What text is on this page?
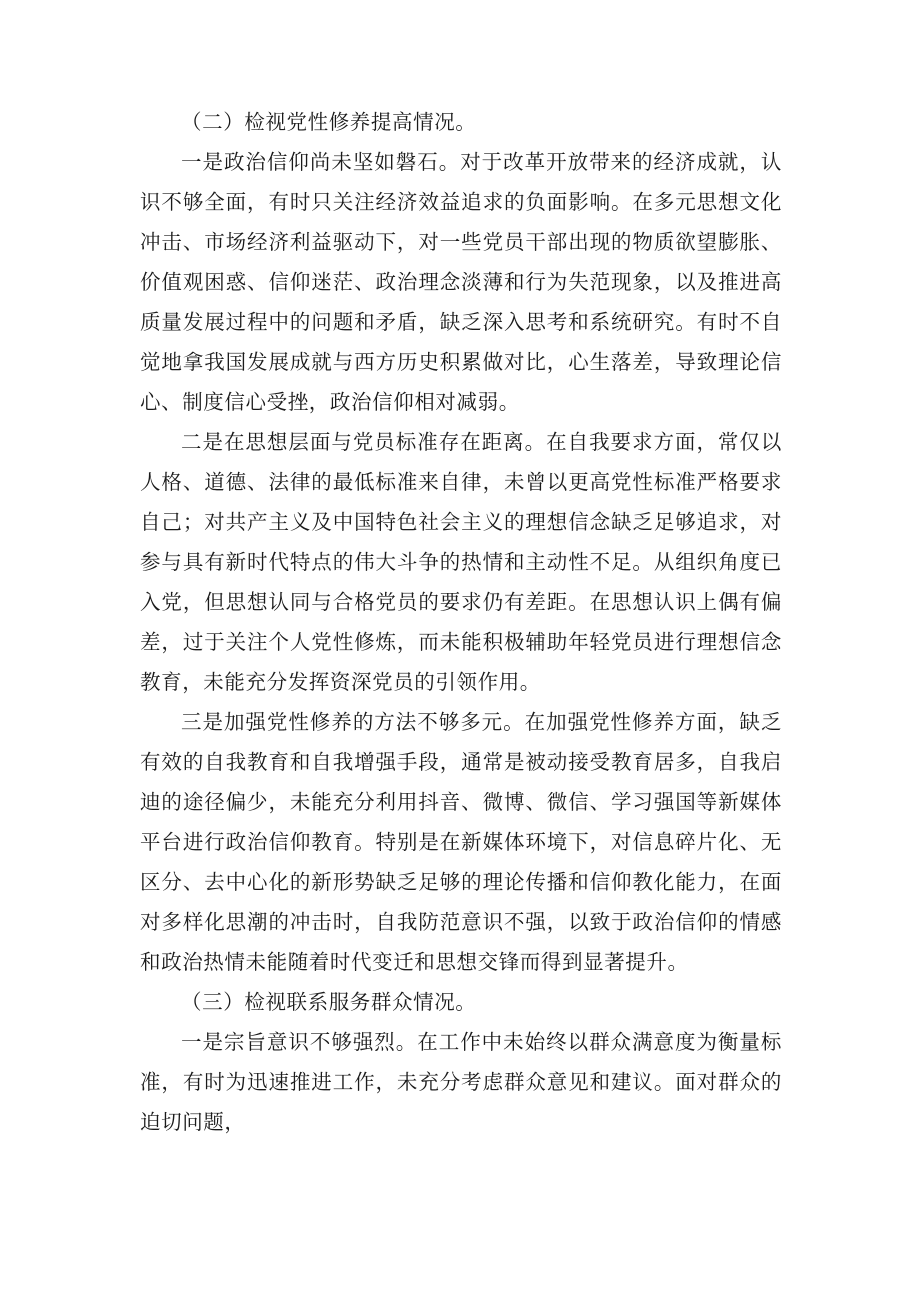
（二）检视党性修养提高情况。

一是政治信仰尚未坚如磐石。对于改革开放带来的经济成就，认识不够全面，有时只关注经济效益追求的负面影响。在多元思想文化冲击、市场经济利益驱动下，对一些党员干部出现的物质欲望膨胀、价值观困惑、信仰迷茫、政治理念淡薄和行为失范现象，以及推进高质量发展过程中的问题和矛盾，缺乏深入思考和系统研究。有时不自觉地拿我国发展成就与西方历史积累做对比，心生落差，导致理论信心、制度信心受挫，政治信仰相对减弱。

二是在思想层面与党员标准存在距离。在自我要求方面，常仅以人格、道德、法律的最低标准来自律，未曾以更高党性标准严格要求自己；对共产主义及中国特色社会主义的理想信念缺乏足够追求，对参与具有新时代特点的伟大斗争的热情和主动性不足。从组织角度已入党，但思想认同与合格党员的要求仍有差距。在思想认识上偶有偏差，过于关注个人党性修炼，而未能积极辅助年轻党员进行理想信念教育，未能充分发挥资深党员的引领作用。

三是加强党性修养的方法不够多元。在加强党性修养方面，缺乏有效的自我教育和自我增强手段，通常是被动接受教育居多，自我启迪的途径偏少，未能充分利用抖音、微博、微信、学习强国等新媒体平台进行政治信仰教育。特别是在新媒体环境下，对信息碎片化、无区分、去中心化的新形势缺乏足够的理论传播和信仰教化能力，在面对多样化思潮的冲击时，自我防范意识不强，以致于政治信仰的情感和政治热情未能随着时代变迁和思想交锋而得到显著提升。

（三）检视联系服务群众情况。

一是宗旨意识不够强烈。在工作中未始终以群众满意度为衡量标准，有时为迅速推进工作，未充分考虑群众意见和建议。面对群众的迫切问题，
